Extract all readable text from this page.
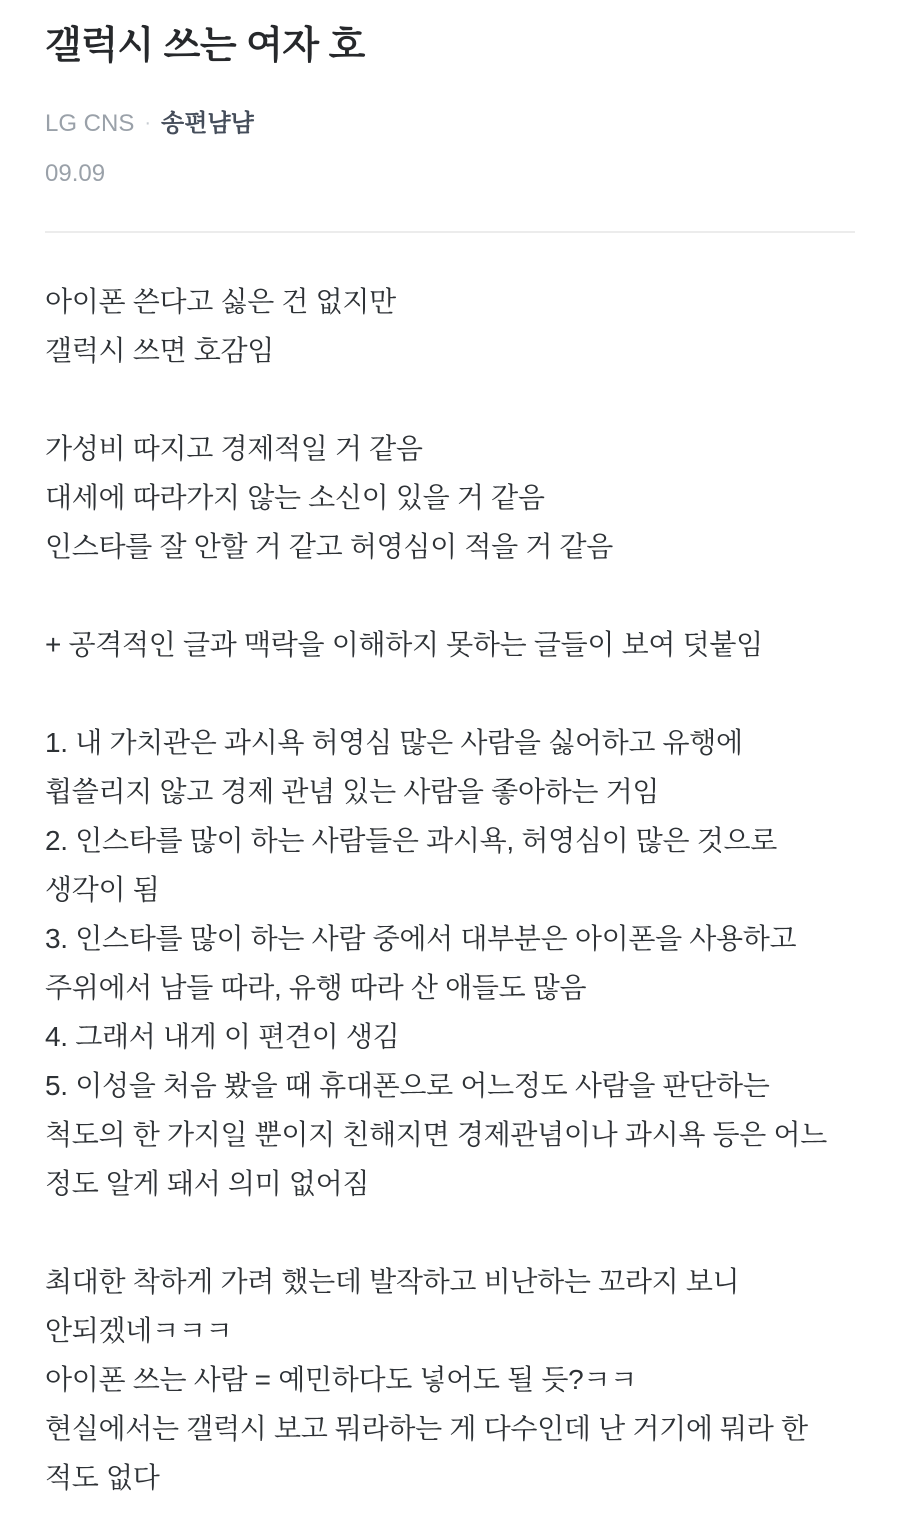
갤럭시 쓰는 여자 호
LG CNS · 송편냠냠
09.09
아이폰 쓴다고 싫은 건 없지만
갤럭시 쓰면 호감임
가성비 따지고 경제적일 거 같음
대세에 따라가지 않는 소신이 있을 거 같음
인스타를 잘 안할 거 같고 허영심이 적을 거 같음
+ 공격적인 글과 맥락을 이해하지 못하는 글들이 보여 덧붙임
1. 내 가치관은 과시욕 허영심 많은 사람을 싫어하고 유행에
휩쓸리지 않고 경제 관념 있는 사람을 좋아하는 거임
2. 인스타를 많이 하는 사람들은 과시욕, 허영심이 많은 것으로
생각이 됨
3. 인스타를 많이 하는 사람 중에서 대부분은 아이폰을 사용하고
주위에서 남들 따라, 유행 따라 산 애들도 많음
4. 그래서 내게 이 편견이 생김
5. 이성을 처음 봤을 때 휴대폰으로 어느정도 사람을 판단하는
척도의 한 가지일 뿐이지 친해지면 경제관념이나 과시욕 등은 어느
정도 알게 돼서 의미 없어짐
최대한 착하게 가려 했는데 발작하고 비난하는 꼬라지 보니
안되겠네ㅋㅋㅋ
아이폰 쓰는 사람 = 예민하다도 넣어도 될 듯?ㅋㅋ
현실에서는 갤럭시 보고 뭐라하는 게 다수인데 난 거기에 뭐라 한
적도 없다
